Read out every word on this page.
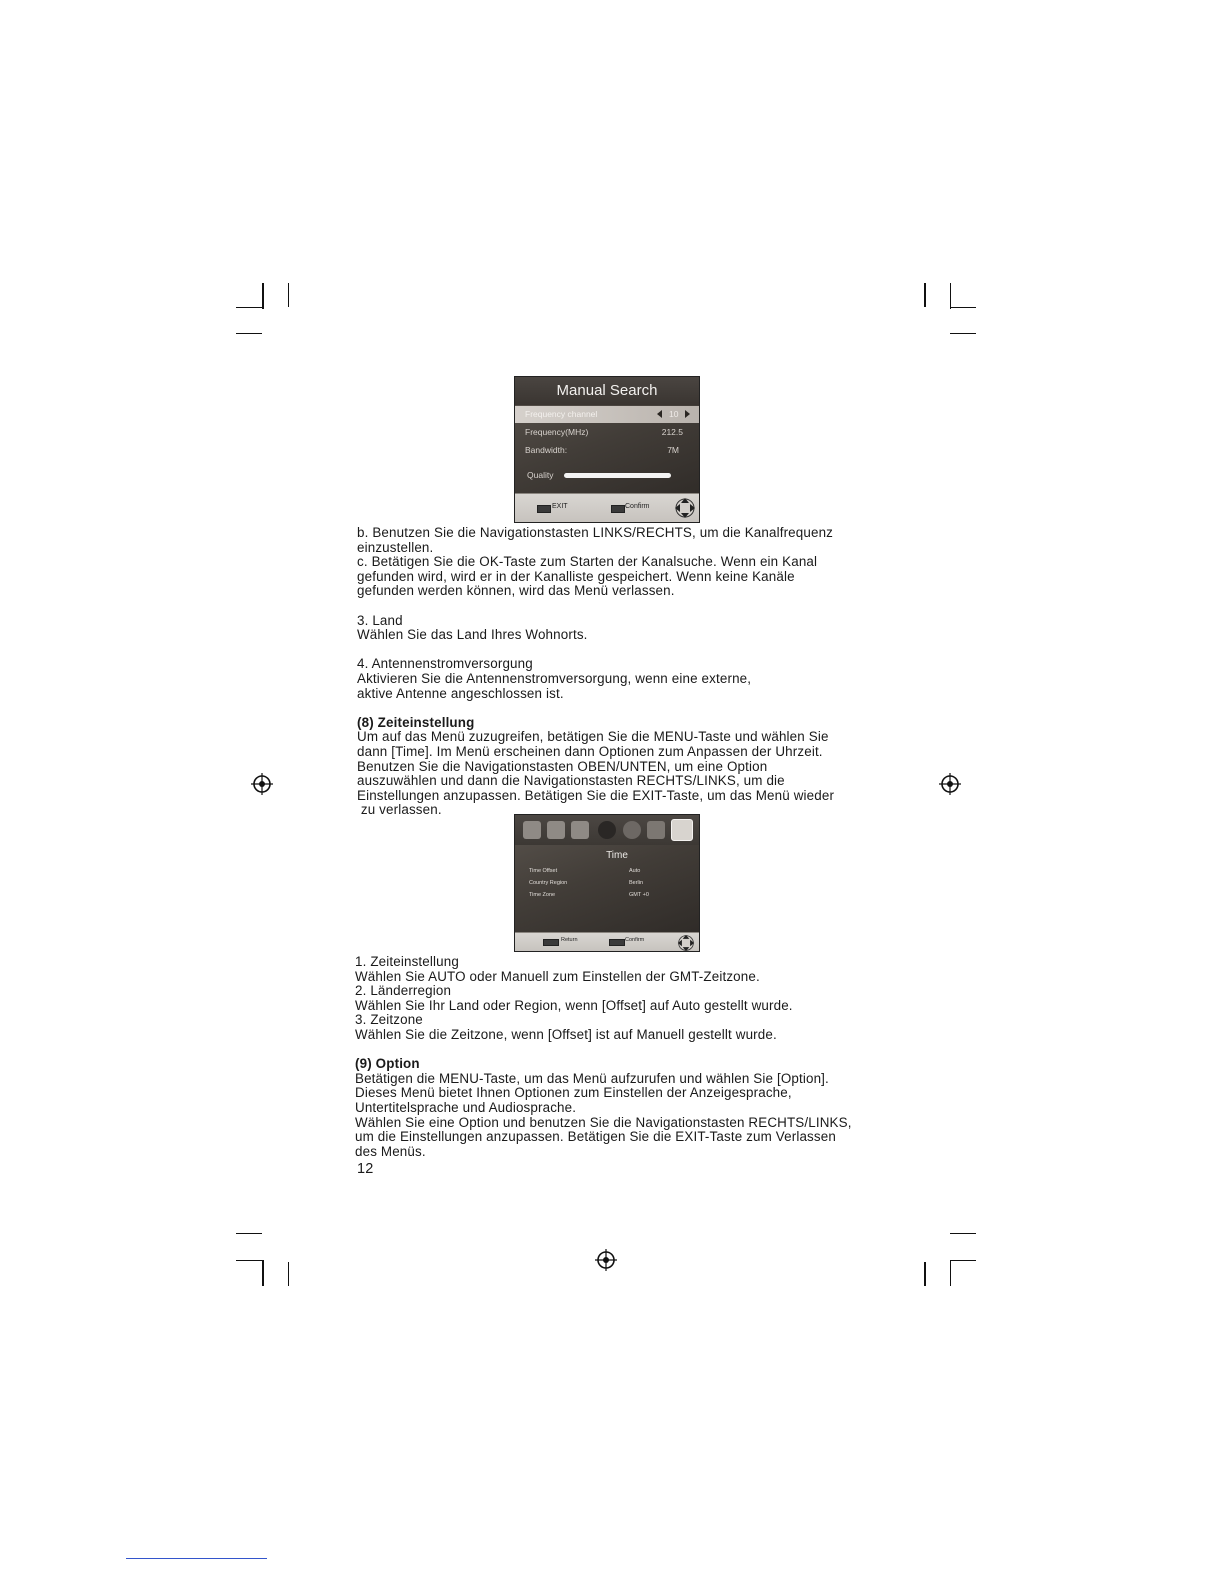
Manual Search
Frequency channel	10
Frequency(MHz)	212.5
Bandwidth:	7M
Quality
EXIT	Confirm
b. Benutzen Sie die Navigationstasten LINKS/RECHTS, um die Kanalfrequenz
einzustellen.
c. Betätigen Sie die OK-Taste zum Starten der Kanalsuche. Wenn ein Kanal
gefunden wird, wird er in der Kanalliste gespeichert. Wenn keine Kanäle
gefunden werden können, wird das Menü verlassen.
3. Land
Wählen Sie das Land Ihres Wohnorts.
4. Antennenstromversorgung
Aktivieren Sie die Antennenstromversorgung, wenn eine externe,
aktive Antenne angeschlossen ist.
(8) Zeiteinstellung
Um auf das Menü zuzugreifen, betätigen Sie die MENU-Taste und wählen Sie
dann [Time]. Im Menü erscheinen dann Optionen zum Anpassen der Uhrzeit.
Benutzen Sie die Navigationstasten OBEN/UNTEN, um eine Option
auszuwählen und dann die Navigationstasten RECHTS/LINKS, um die
Einstellungen anzupassen. Betätigen Sie die EXIT-Taste, um das Menü wieder
zu verlassen.
Time
Time Offset	Auto
Country Region	Berlin
Time Zone	GMT +0
Return	Confirm
1. Zeiteinstellung
Wählen Sie AUTO oder Manuell zum Einstellen der GMT-Zeitzone.
2. Länderregion
Wählen Sie Ihr Land oder Region, wenn [Offset] auf Auto gestellt wurde.
3. Zeitzone
Wählen Sie die Zeitzone, wenn [Offset] ist auf Manuell gestellt wurde.
(9) Option
Betätigen die MENU-Taste, um das Menü aufzurufen und wählen Sie [Option].
Dieses Menü bietet Ihnen Optionen zum Einstellen der Anzeigesprache,
Untertitelsprache und Audiosprache.
Wählen Sie eine Option und benutzen Sie die Navigationstasten RECHTS/LINKS,
um die Einstellungen anzupassen. Betätigen Sie die EXIT-Taste zum Verlassen
des Menüs.
12
